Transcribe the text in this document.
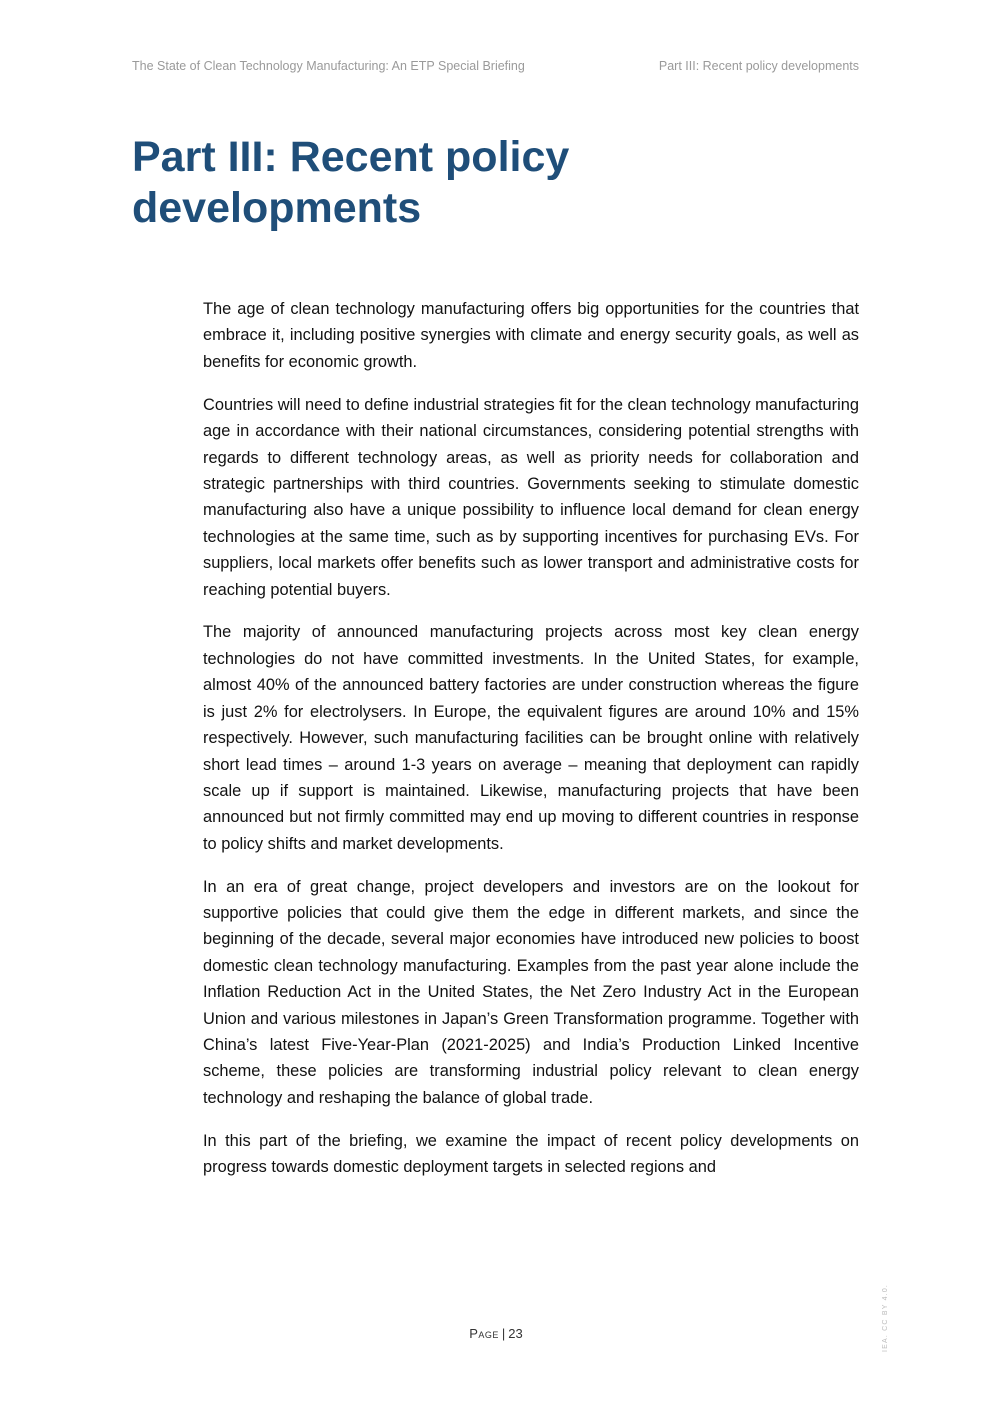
The State of Clean Technology Manufacturing: An ETP Special Briefing	Part III: Recent policy developments
Part III: Recent policy developments

The age of clean technology manufacturing offers big opportunities for the countries that embrace it, including positive synergies with climate and energy security goals, as well as benefits for economic growth.

Countries will need to define industrial strategies fit for the clean technology manufacturing age in accordance with their national circumstances, considering potential strengths with regards to different technology areas, as well as priority needs for collaboration and strategic partnerships with third countries. Governments seeking to stimulate domestic manufacturing also have a unique possibility to influence local demand for clean energy technologies at the same time, such as by supporting incentives for purchasing EVs. For suppliers, local markets offer benefits such as lower transport and administrative costs for reaching potential buyers.

The majority of announced manufacturing projects across most key clean energy technologies do not have committed investments. In the United States, for example, almost 40% of the announced battery factories are under construction whereas the figure is just 2% for electrolysers. In Europe, the equivalent figures are around 10% and 15% respectively. However, such manufacturing facilities can be brought online with relatively short lead times – around 1-3 years on average – meaning that deployment can rapidly scale up if support is maintained. Likewise, manufacturing projects that have been announced but not firmly committed may end up moving to different countries in response to policy shifts and market developments.

In an era of great change, project developers and investors are on the lookout for supportive policies that could give them the edge in different markets, and since the beginning of the decade, several major economies have introduced new policies to boost domestic clean technology manufacturing. Examples from the past year alone include the Inflation Reduction Act in the United States, the Net Zero Industry Act in the European Union and various milestones in Japan’s Green Transformation programme. Together with China’s latest Five-Year-Plan (2021-2025) and India’s Production Linked Incentive scheme, these policies are transforming industrial policy relevant to clean energy technology and reshaping the balance of global trade.

In this part of the briefing, we examine the impact of recent policy developments on progress towards domestic deployment targets in selected regions and

Page | 23	IEA. CC BY 4.0.
